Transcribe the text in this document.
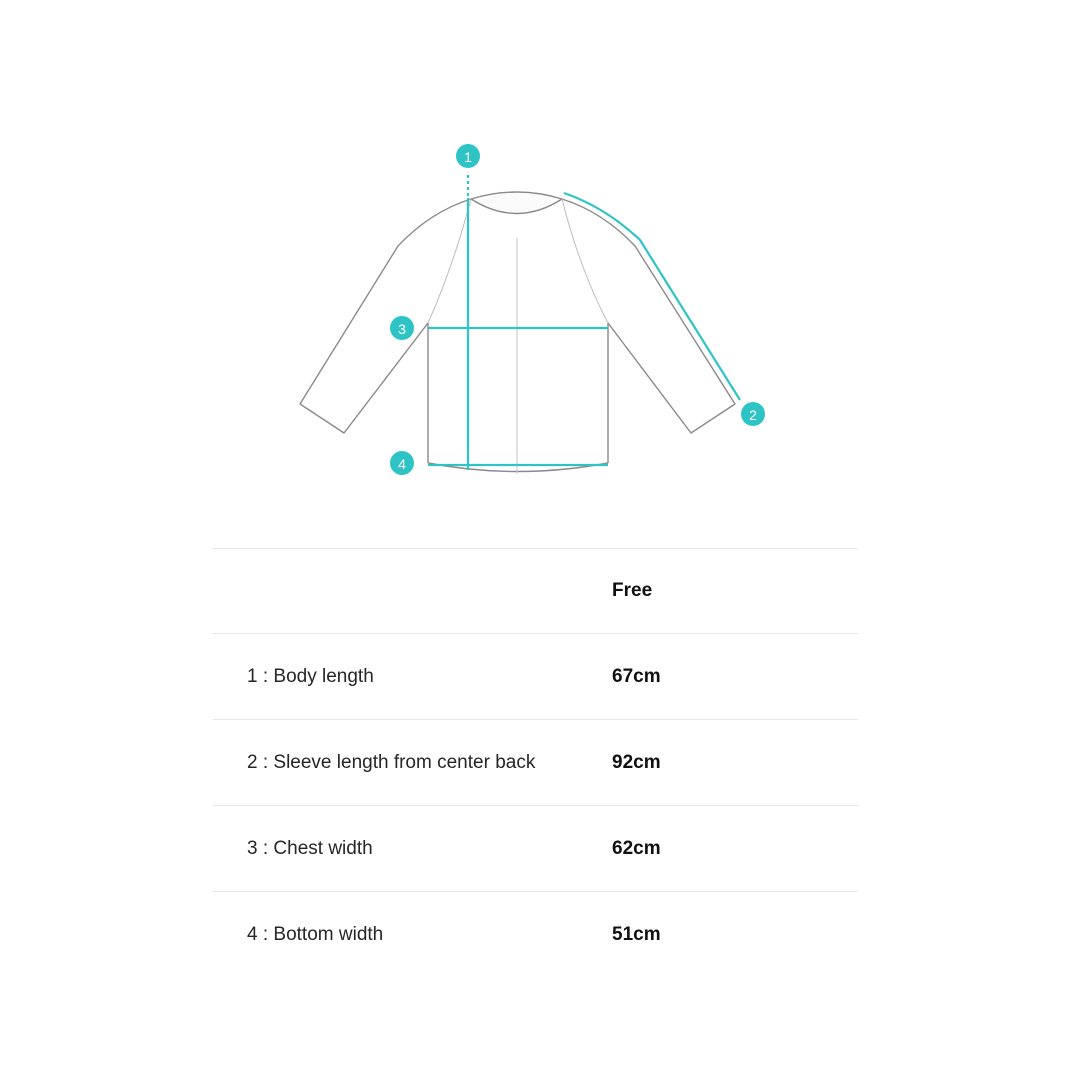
1
2
3
4
	Free
1 : Body length	67cm
2 : Sleeve length from center back	92cm
3 : Chest width	62cm
4 : Bottom width	51cm
